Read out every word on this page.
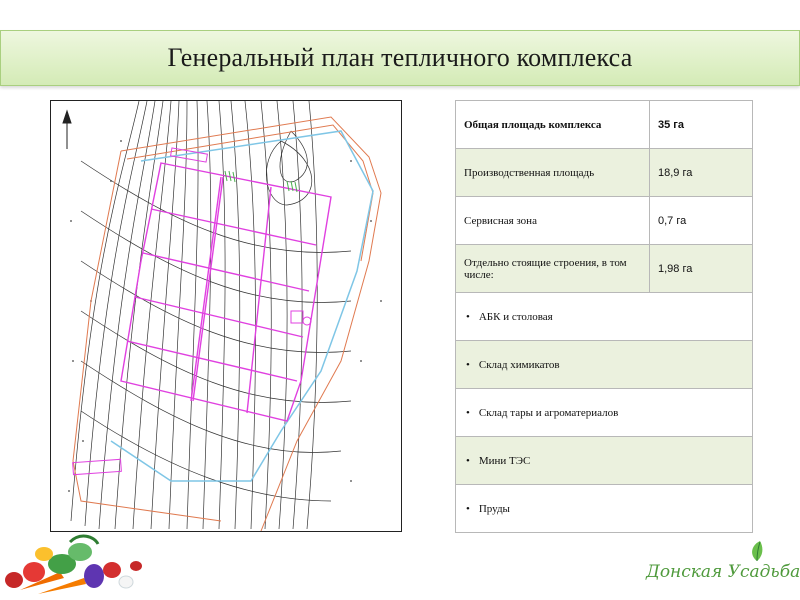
Генеральный план тепличного комплекса
Общая площадь комплекса	35 га
Производственная площадь	18,9 га
Сервисная зона	0,7 га
Отдельно стоящие строения, в том числе:	1,98 га
• АБК и столовая
• Склад химикатов
• Склад тары и агроматериалов
• Мини ТЭС
• Пруды
Донская Усадьба
